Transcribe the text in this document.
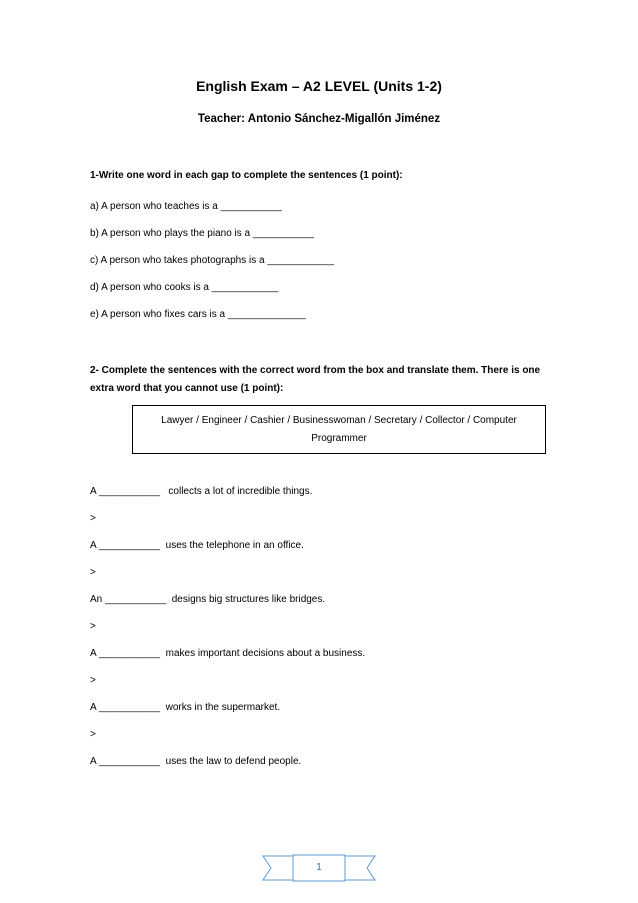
English Exam – A2 LEVEL (Units 1-2)
Teacher: Antonio Sánchez-Migallón Jiménez
1-Write one word in each gap to complete the sentences (1 point):
a) A person who teaches is a ___________
b) A person who plays the piano is a ___________
c) A person who takes photographs is a ____________
d) A person who cooks is a ____________
e) A person who fixes cars is a ______________
2- Complete the sentences with the correct word from the box and translate them. There is one extra word that you cannot use (1 point):
Lawyer / Engineer / Cashier / Businesswoman / Secretary / Collector / Computer Programmer
A ___________   collects a lot of incredible things.
>
A ___________  uses the telephone in an office.
>
An ___________  designs big structures like bridges.
>
A ___________  makes important decisions about a business.
>
A ___________  works in the supermarket.
>
A ___________  uses the law to defend people.
1
